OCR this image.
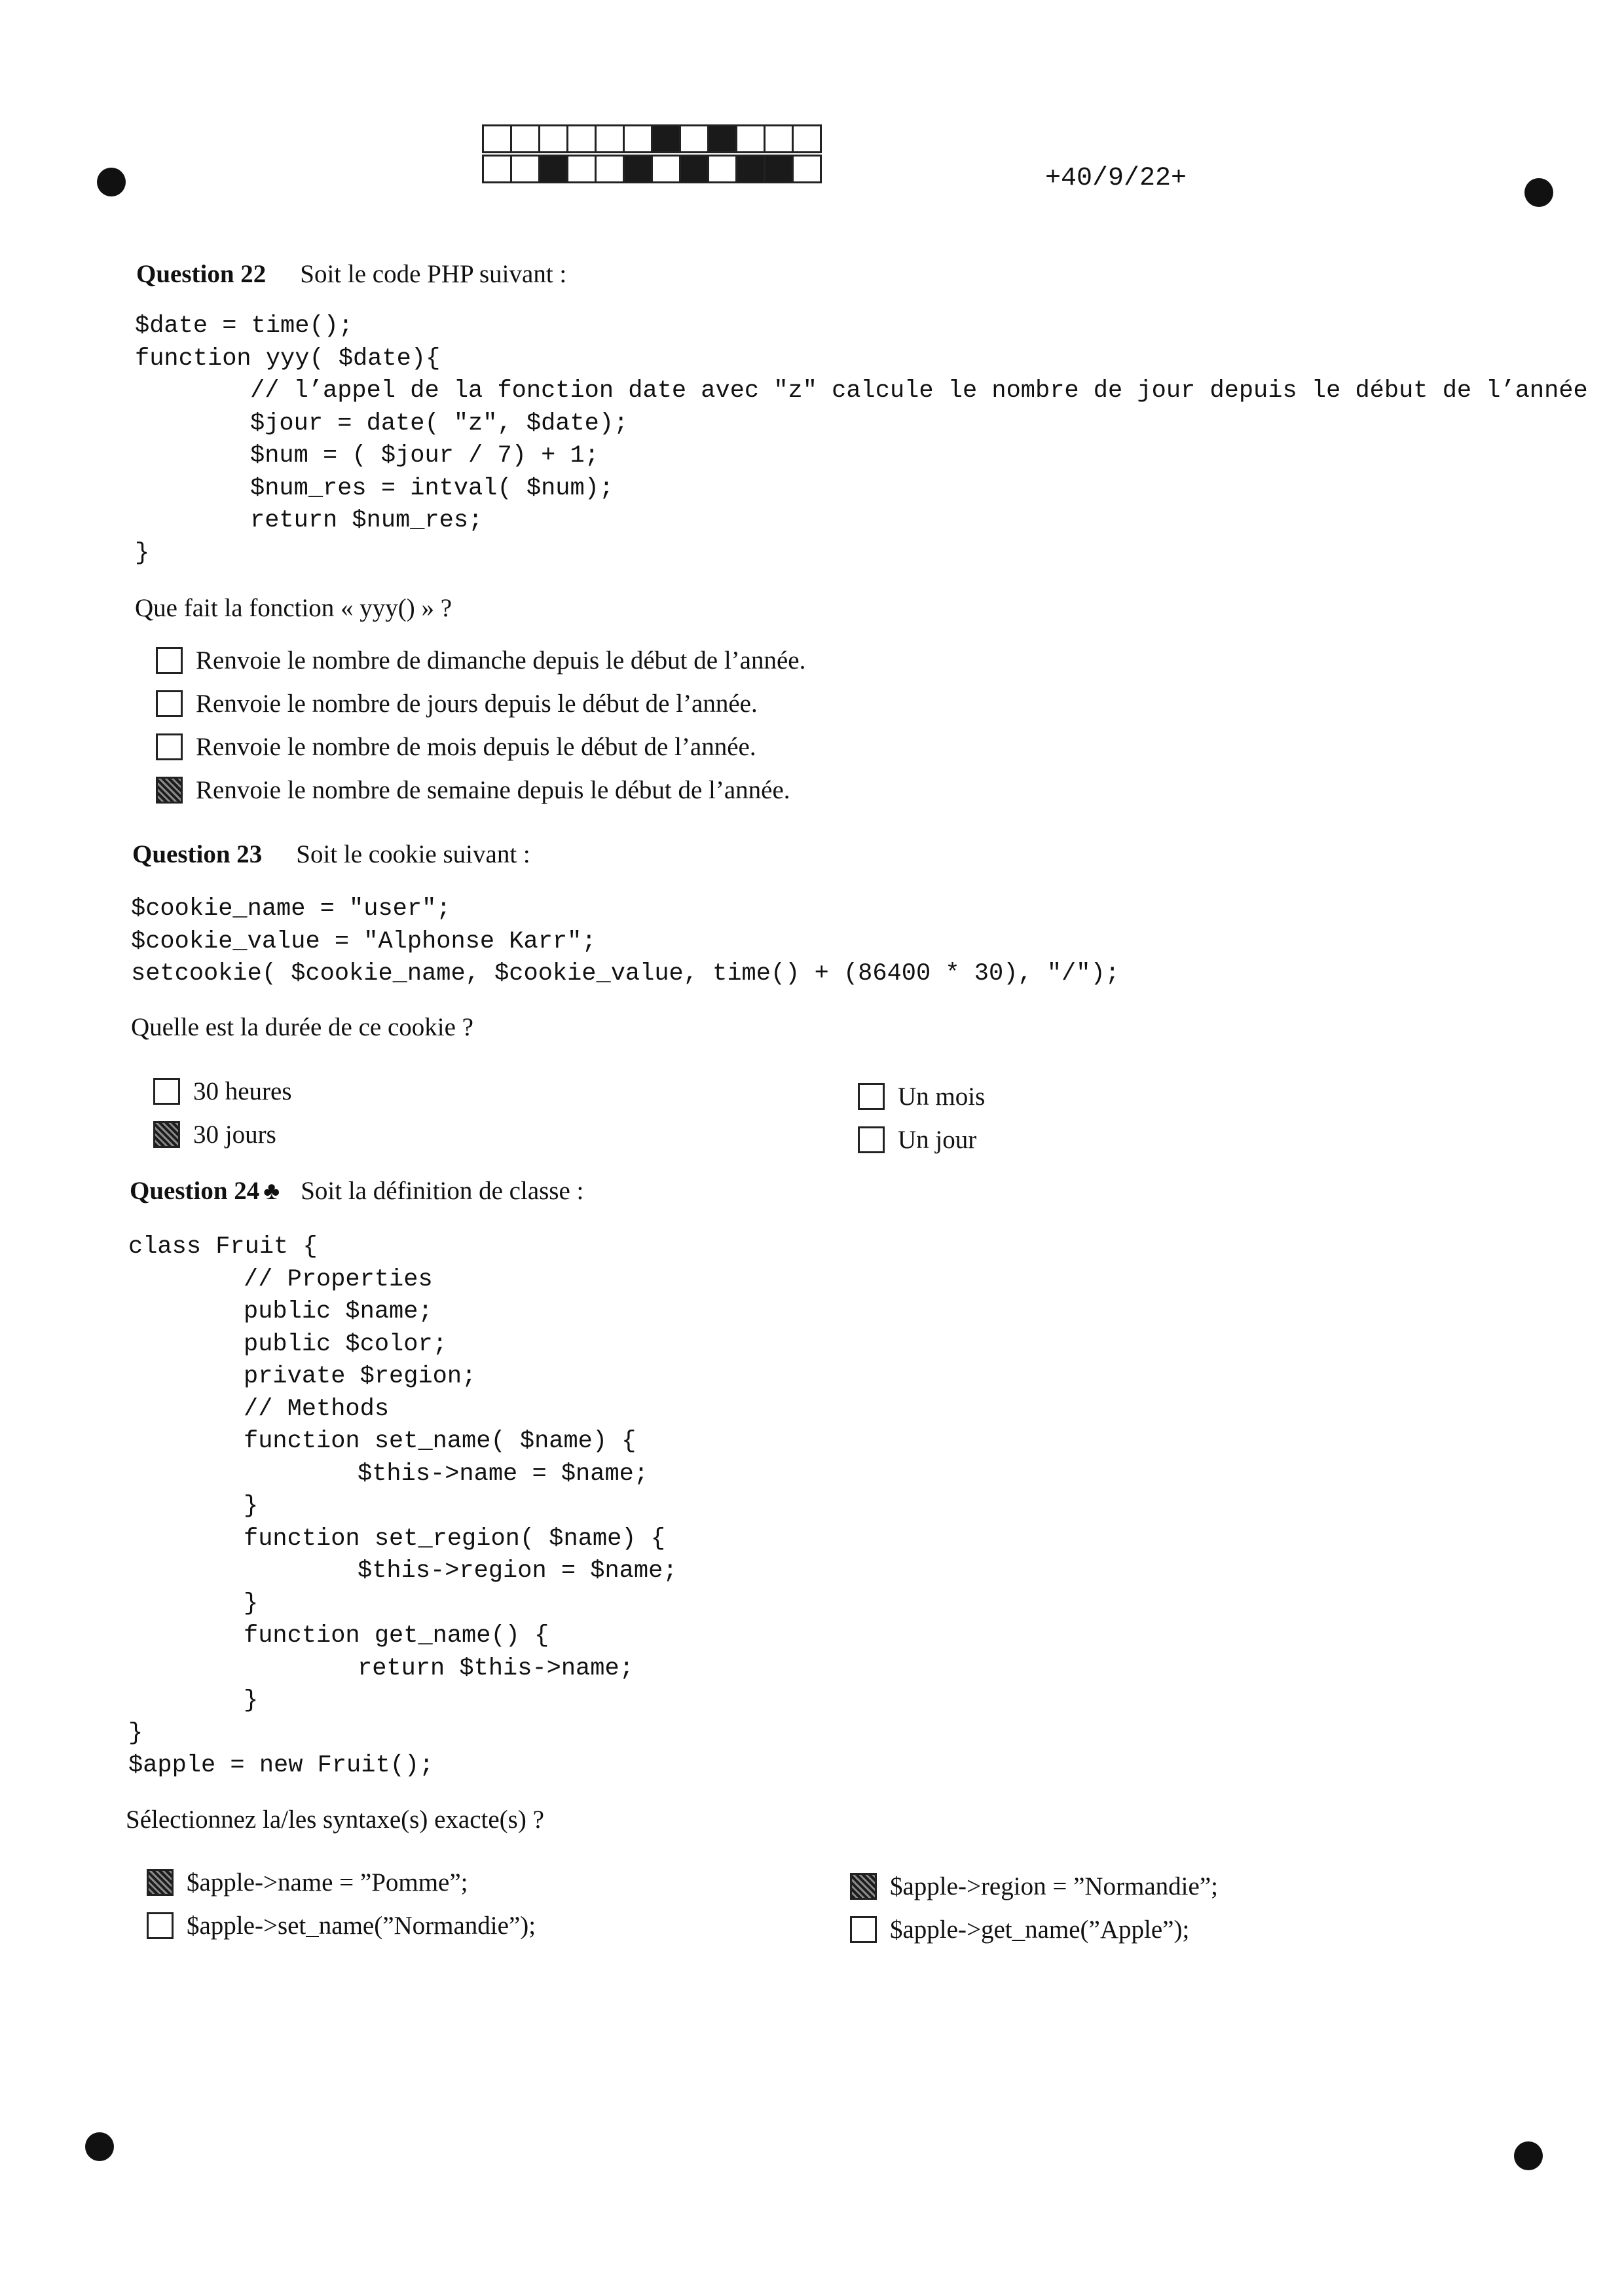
+40/9/22+
Question 22 Soit le code PHP suivant :
$date = time();
function yyy( $date){
// l’appel de la fonction date avec "z" calcule le nombre de jour depuis le début de l’année
$jour = date( "z", $date);
$num = ( $jour / 7) + 1;
$num_res = intval( $num);
return $num_res;
}
Que fait la fonction « yyy() » ?
Renvoie le nombre de dimanche depuis le début de l’année.
Renvoie le nombre de jours depuis le début de l’année.
Renvoie le nombre de mois depuis le début de l’année.
Renvoie le nombre de semaine depuis le début de l’année.
Question 23 Soit le cookie suivant :
$cookie_name = "user";
$cookie_value = "Alphonse Karr";
setcookie( $cookie_name, $cookie_value, time() + (86400 * 30), "/");
Quelle est la durée de ce cookie ?
30 heures
30 jours
Un mois
Un jour
Question 24 ♣ Soit la définition de classe :
class Fruit {
// Properties
public $name;
public $color;
private $region;
// Methods
function set_name( $name) {
$this->name = $name;
}
function set_region( $name) {
$this->region = $name;
}
function get_name() {
return $this->name;
}
}
$apple = new Fruit();
Sélectionnez la/les syntaxe(s) exacte(s) ?
$apple->name = ”Pomme”;
$apple->set_name(”Normandie”);
$apple->region = ”Normandie”;
$apple->get_name(”Apple”);
